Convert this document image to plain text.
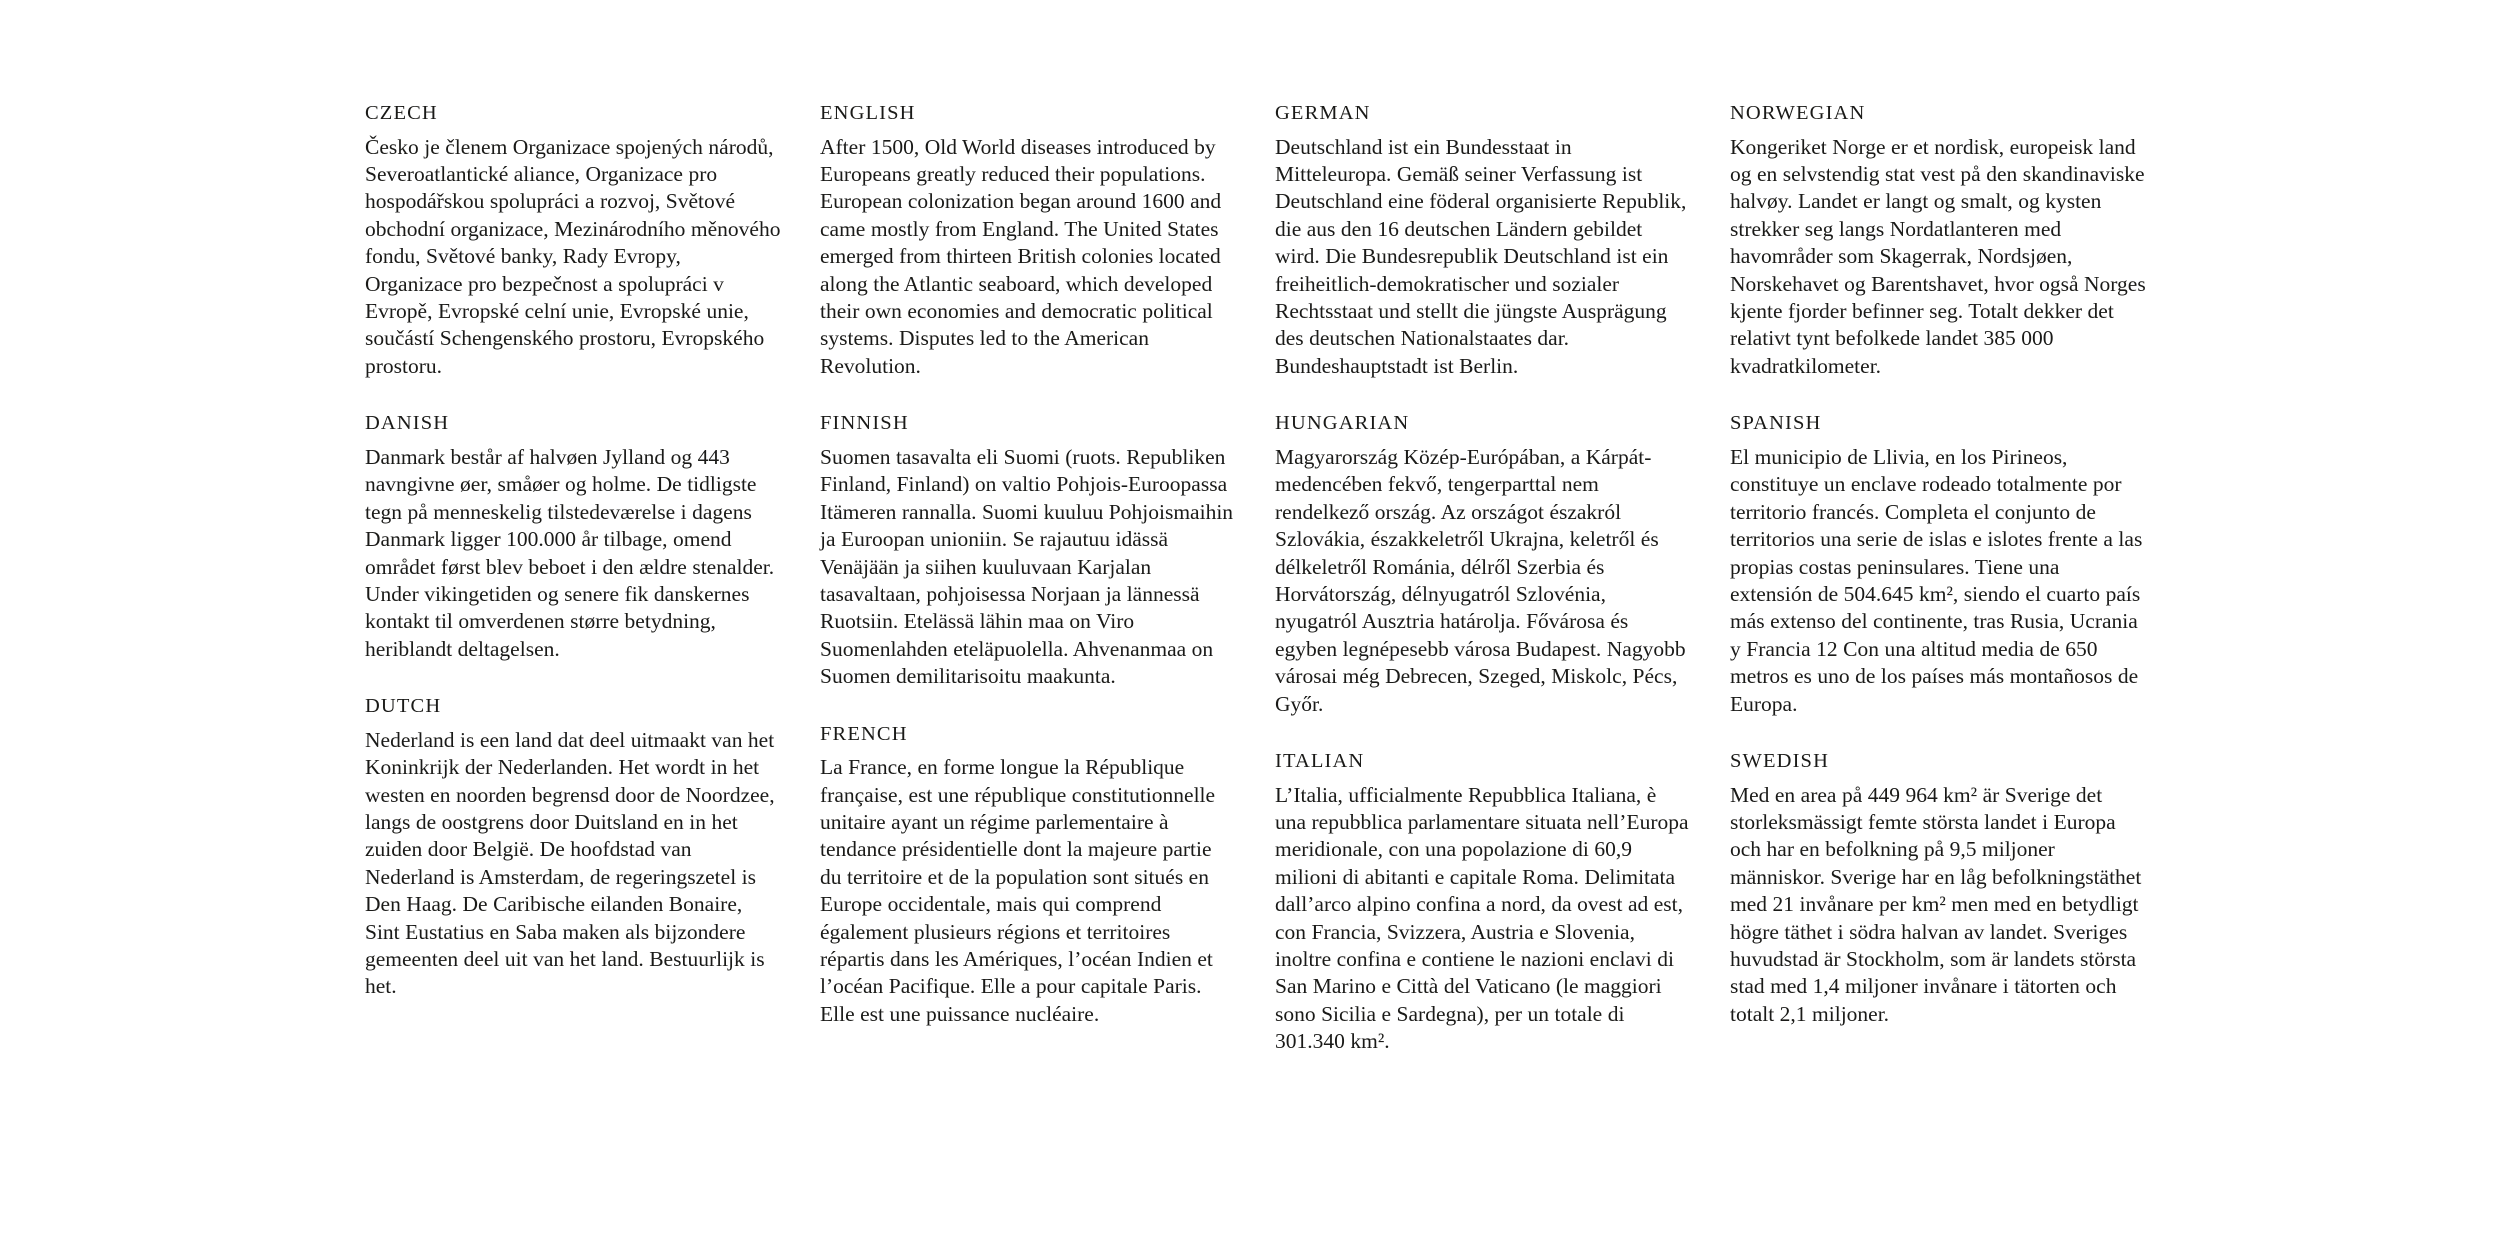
CZECH

Česko je členem Organizace spojených národů, Severoatlantické aliance, Organizace pro hospodářskou spolupráci a rozvoj, Světové obchodní organizace, Mezinárodního měnového fondu, Světové banky, Rady Evropy, Organizace pro bezpečnost a spolupráci v Evropě, Evropské celní unie, Evropské unie, součástí Schengenského prostoru, Evropského prostoru.

DANISH

Danmark består af halvøen Jylland og 443 navngivne øer, småøer og holme. De tidligste tegn på menneskelig tilstedeværelse i dagens Danmark ligger 100.000 år tilbage, omend området først blev beboet i den ældre stenalder. Under vikingetiden og senere fik danskernes kontakt til omverdenen større betydning, heriblandt deltagelsen.

DUTCH

Nederland is een land dat deel uitmaakt van het Koninkrijk der Nederlanden. Het wordt in het westen en noorden begrensd door de Noordzee, langs de oostgrens door Duitsland en in het zuiden door België. De hoofdstad van Nederland is Amsterdam, de regeringszetel is Den Haag. De Caribische eilanden Bonaire, Sint Eustatius en Saba maken als bijzondere gemeenten deel uit van het land. Bestuurlijk is het.

ENGLISH

After 1500, Old World diseases introduced by Europeans greatly reduced their populations. European colonization began around 1600 and came mostly from England. The United States emerged from thirteen British colonies located along the Atlantic seaboard, which developed their own economies and democratic political systems. Disputes led to the American Revolution.

FINNISH

Suomen tasavalta eli Suomi (ruots. Republiken Finland, Finland) on valtio Pohjois-Euroopassa Itämeren rannalla. Suomi kuuluu Pohjoismaihin ja Euroopan unioniin. Se rajautuu idässä Venäjään ja siihen kuuluvaan Karjalan tasavaltaan, pohjoisessa Norjaan ja lännessä Ruotsiin. Etelässä lähin maa on Viro Suomenlahden eteläpuolella. Ahvenanmaa on Suomen demilitarisoitu maakunta.

FRENCH

La France, en forme longue la République française, est une république constitutionnelle unitaire ayant un régime parlementaire à tendance présidentielle dont la majeure partie du territoire et de la population sont situés en Europe occidentale, mais qui comprend également plusieurs régions et territoires répartis dans les Amériques, l’océan Indien et l’océan Pacifique. Elle a pour capitale Paris. Elle est une puissance nucléaire.

GERMAN

Deutschland ist ein Bundesstaat in Mitteleuropa. Gemäß seiner Verfassung ist Deutschland eine föderal organisierte Republik, die aus den 16 deutschen Ländern gebildet wird. Die Bundesrepublik Deutschland ist ein freiheitlich-demokratischer und sozialer Rechtsstaat und stellt die jüngste Ausprägung des deutschen Nationalstaates dar. Bundeshauptstadt ist Berlin.

HUNGARIAN

Magyarország Közép-Európában, a Kárpát-medencében fekvő, tengerparttal nem rendelkező ország. Az országot északról Szlovákia, északkeletről Ukrajna, keletről és délkeletről Románia, délről Szerbia és Horvátország, délnyugatról Szlovénia, nyugatról Ausztria határolja. Fővárosa és egyben legnépesebb városa Budapest. Nagyobb városai még Debrecen, Szeged, Miskolc, Pécs, Győr.

ITALIAN

L’Italia, ufficialmente Repubblica Italiana, è una repubblica parlamentare situata nell’Europa meridionale, con una popolazione di 60,9 milioni di abitanti e capitale Roma. Delimitata dall’arco alpino confina a nord, da ovest ad est, con Francia, Svizzera, Austria e Slovenia, inoltre confina e contiene le nazioni enclavi di San Marino e Città del Vaticano (le maggiori sono Sicilia e Sardegna), per un totale di 301.340 km².

NORWEGIAN

Kongeriket Norge er et nordisk, europeisk land og en selvstendig stat vest på den skandinaviske halvøy. Landet er langt og smalt, og kysten strekker seg langs Nordatlanteren med havområder som Skagerrak, Nordsjøen, Norskehavet og Barentshavet, hvor også Norges kjente fjorder befinner seg. Totalt dekker det relativt tynt befolkede landet 385 000 kvadratkilometer.

SPANISH

El municipio de Llivia, en los Pirineos, constituye un enclave rodeado totalmente por territorio francés. Completa el conjunto de territorios una serie de islas e islotes frente a las propias costas peninsulares. Tiene una extensión de 504.645 km², siendo el cuarto país más extenso del continente, tras Rusia, Ucrania y Francia 12 Con una altitud media de 650 metros es uno de los países más montañosos de Europa.

SWEDISH

Med en area på 449 964 km² är Sverige det storleksmässigt femte största landet i Europa och har en befolkning på 9,5 miljoner människor. Sverige har en låg befolkningstäthet med 21 invånare per km² men med en betydligt högre täthet i södra halvan av landet. Sveriges huvudstad är Stockholm, som är landets största stad med 1,4 miljoner invånare i tätorten och totalt 2,1 miljoner.
